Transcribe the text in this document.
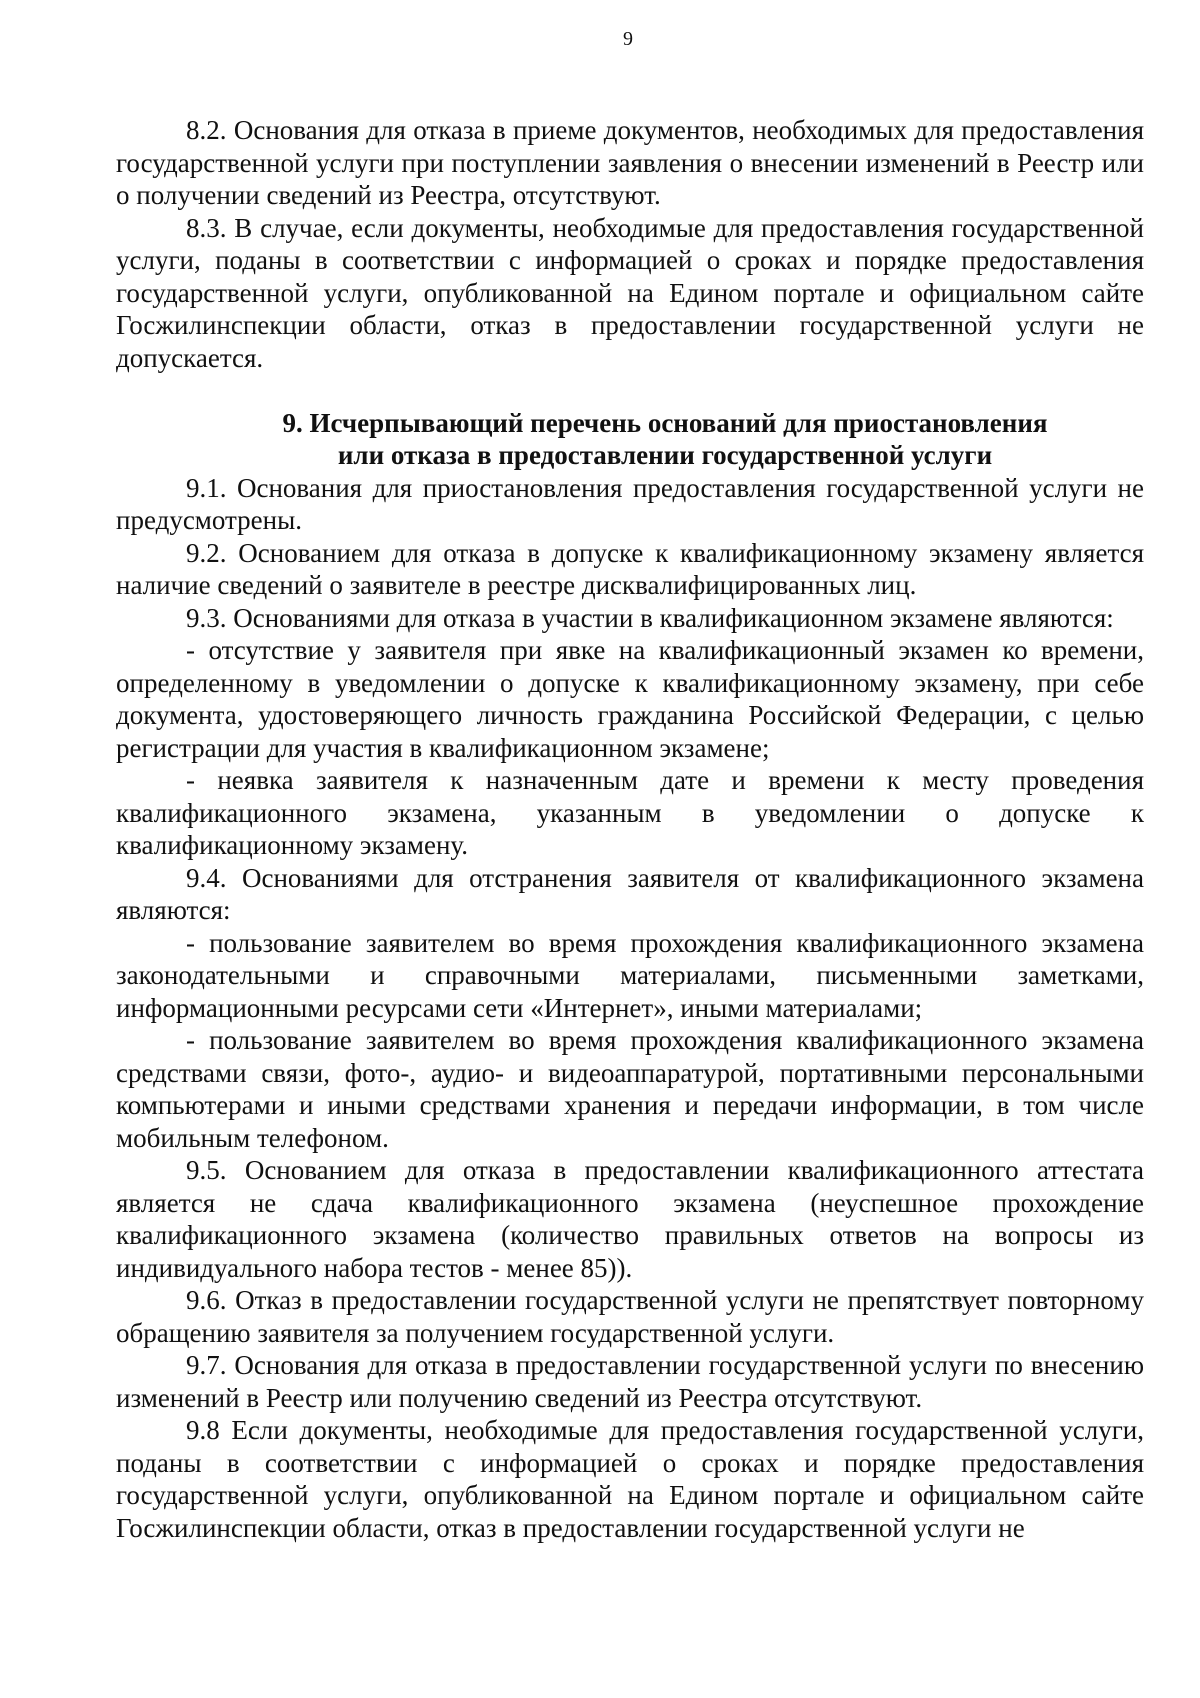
9

8.2. Основания для отказа в приеме документов, необходимых для предоставления государственной услуги при поступлении заявления о внесении изменений в Реестр или о получении сведений из Реестра, отсутствуют.

8.3. В случае, если документы, необходимые для предоставления государственной услуги, поданы в соответствии с информацией о сроках и порядке предоставления государственной услуги, опубликованной на Едином портале и официальном сайте Госжилинспекции области, отказ в предоставлении государственной услуги не допускается.

9. Исчерпывающий перечень оснований для приостановления
или отказа в предоставлении государственной услуги

9.1. Основания для приостановления предоставления государственной услуги не предусмотрены.

9.2. Основанием для отказа в допуске к квалификационному экзамену является наличие сведений о заявителе в реестре дисквалифицированных лиц.

9.3. Основаниями для отказа в участии в квалификационном экзамене являются:

- отсутствие у заявителя при явке на квалификационный экзамен ко времени, определенному в уведомлении о допуске к квалификационному экзамену, при себе документа, удостоверяющего личность гражданина Российской Федерации, с целью регистрации для участия в квалификационном экзамене;

- неявка заявителя к назначенным дате и времени к месту проведения квалификационного экзамена, указанным в уведомлении о допуске к квалификационному экзамену.

9.4. Основаниями для отстранения заявителя от квалификационного экзамена являются:

- пользование заявителем во время прохождения квалификационного экзамена законодательными и справочными материалами, письменными заметками, информационными ресурсами сети «Интернет», иными материалами;

- пользование заявителем во время прохождения квалификационного экзамена средствами связи, фото-, аудио- и видеоаппаратурой, портативными персональными компьютерами и иными средствами хранения и передачи информации, в том числе мобильным телефоном.

9.5. Основанием для отказа в предоставлении квалификационного аттестата является не сдача квалификационного экзамена (неуспешное прохождение квалификационного экзамена (количество правильных ответов на вопросы из индивидуального набора тестов - менее 85)).

9.6. Отказ в предоставлении государственной услуги не препятствует повторному обращению заявителя за получением государственной услуги.

9.7. Основания для отказа в предоставлении государственной услуги по внесению изменений в Реестр или получению сведений из Реестра отсутствуют.

9.8 Если документы, необходимые для предоставления государственной услуги, поданы в соответствии с информацией о сроках и порядке предоставления государственной услуги, опубликованной на Едином портале и официальном сайте Госжилинспекции области, отказ в предоставлении государственной услуги не
